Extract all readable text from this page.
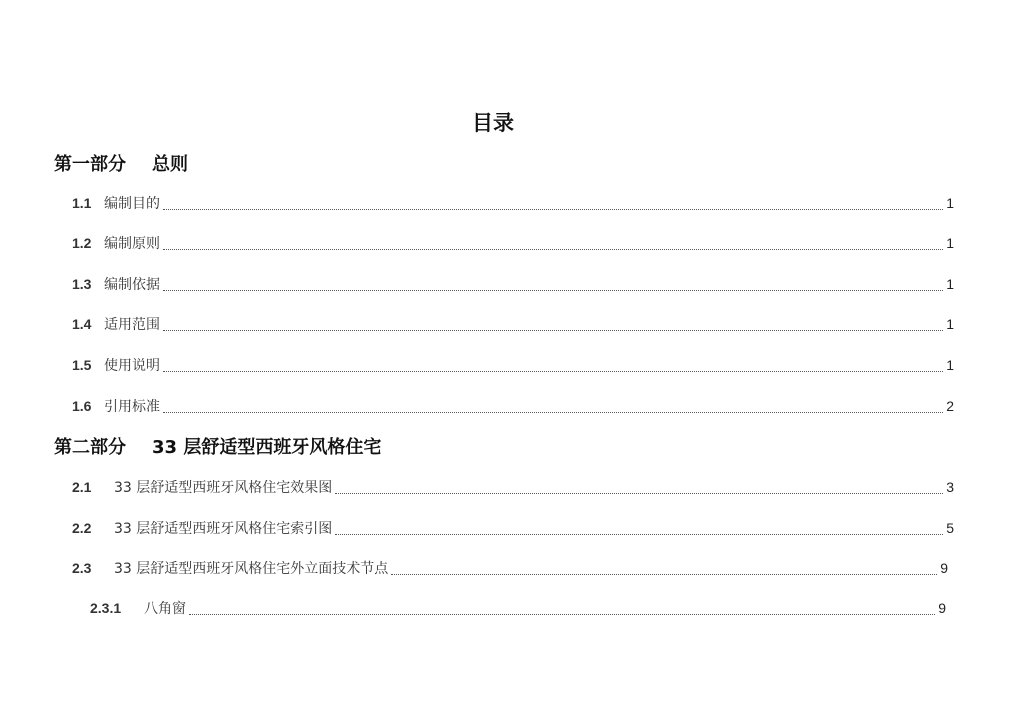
目录
第一部分 总则
1.1 编制目的	1
1.2 编制原则	1
1.3 编制依据	1
1.4 适用范围	1
1.5 使用说明	1
1.6 引用标准	2
第二部分 33 层舒适型西班牙风格住宅
2.1	33 层舒适型西班牙风格住宅效果图	3
2.2	33 层舒适型西班牙风格住宅索引图	5
2.3	33 层舒适型西班牙风格住宅外立面技术节点	9
2.3.1	八角窗	9
